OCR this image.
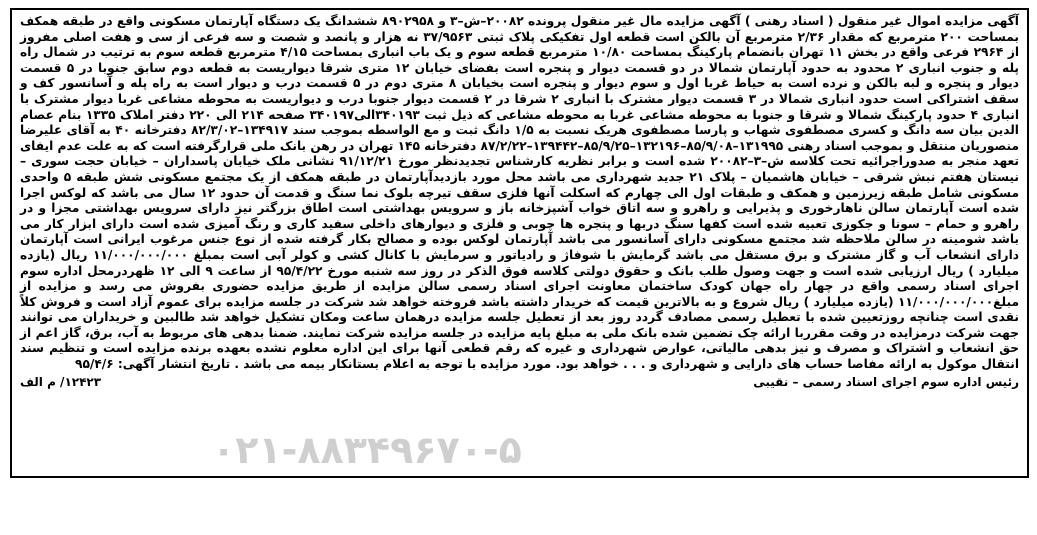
۰۲۱-۸۸۳۴۹۶۷۰-۵

آگهی مزایده اموال غیر منقول ( اسناد رهنی ) آگهی مزایده مال غیر منقول پرونده ۲۰۰۸۲–ش–۳ و ۸۹۰۲۹۵۸ ششدانگ یک دستگاه آپارتمان مسکونی واقع در طبقه همکف بمساحت ۲۰۰ مترمربع که مقدار ۲/۳۶ مترمربع آن بالکن است قطعه اول تفکیکی پلاک ثبتی ۳۷/۹۵۶۳ نه هزار و پانصد و شصت و سه فرعی از سی و هفت اصلی مفروز از ۲۹۶۴ فرعی واقع در بخش ۱۱ تهران بانضمام پارکینگ بمساحت ۱۰/۸۰ مترمربع قطعه سوم و یک باب انباری بمساحت ۴/۱۵ مترمربع قطعه سوم به ترتیب در شمال راه پله و جنوب انباری ۲ محدود به حدود آپارتمان شمالا در دو قسمت دیوار و پنجره است بفضای خیابان ۱۲ متری شرقا دیواریست به قطعه دوم سابق جنوبا در ۵ قسمت دیوار و پنجره و لبه بالکن و نرده است به حیاط غربا اول و سوم دیوار و پنجره است بخیابان ۸ متری دوم در ۵ قسمت درب و دیوار است به راه پله و آسانسور کف و سقف اشتراکی است حدود انباری شمالا در ۳ قسمت دیوار مشترک با انباری ۲ شرقا در ۲ قسمت دیوار جنوبا درب و دیواریست به محوطه مشاعی غربا دیوار مشترک با انباری ۴ حدود پارکینگ شمالا و شرقا و جنوبا به محوطه مشاعی غربا به محوطه مشاعی که ذیل ثبت ۳۴۰۱۹۳الی۳۴۰۱۹۷ صفحه ۲۱۴ الی ۲۲۰ دفتر املاک ۱۳۳۵ بنام عصام الدین بیان سه دانگ و کسری مصطفوی شهاب و پارسا مصطفوی هریک نسبت به ۱/۵ دانگ ثبت و مع الواسطه بموجب سند ۱۳۴۹۱۷–۸۲/۳/۰۲ دفترخانه ۴۰ به آقای علیرضا منصوریان منتقل و بموجب اسناد رهنی ۱۳۱۹۹۵–۸۵/۹/۰۸–۱۳۲۱۹۶–۸۵/۹/۲۵–۱۳۹۴۴۲–۸۷/۲/۲۲ دفترخانه ۱۴۵ تهران در رهن بانک ملی قرارگرفته است که به علت عدم ایفای تعهد منجر به صدوراجرائیه تحت کلاسه ش–۳–۲۰۰۸۲ شده است و برابر نظریه کارشناس تجدیدنظر مورخ ۹۱/۱۲/۲۱ نشانی ملک خیابان پاسداران – خیابان حجت سوری – نیستان هفتم نبش شرقی – خیابان هاشمیان – پلاک ۲۱ جدید شهرداری می باشد محل مورد بازدیدآپارتمان در طبقه همکف از یک مجتمع مسکونی شش طبقه ۵ واحدی مسکونی شامل طبقه زیرزمین و همکف و طبقات اول الی چهارم که اسکلت آنها فلزی سقف تیرچه بلوک نما سنگ و قدمت آن حدود ۱۲ سال می باشد که لوکس اجرا شده است آپارتمان سالن ناهارخوری و پذیرایی و راهرو و سه اتاق خواب آشپزخانه باز و سرویس بهداشتی است اطاق بزرگتر نیز دارای سرویس بهداشتی مجزا و در راهرو و حمام – سونا و جکوزی تعبیه شده است کفها سنگ دربها و پنجره ها چوبی و فلزی و دیوارهای داخلی سفید کاری و رنگ آمیزی شده است دارای ابزار کار می باشد شومینه در سالن ملاحظه شد مجتمع مسکونی دارای آسانسور می باشد آپارتمان لوکس بوده و مصالح بکار گرفته شده از نوع جنس مرغوب ایرانی است آپارتمان دارای انشعاب آب و گاز مشترک و برق مستقل می باشد گرمایش با شوفاژ و رادیاتور و سرمایش با کانال کشی و کولر آبی است بمبلغ ۱۱/۰۰۰/۰۰۰/۰۰۰ ریال (یازده میلیارد ) ریال ارزیابی شده است و جهت وصول طلب بانک و حقوق دولتی کلاسه فوق الذکر در روز سه شنبه مورخ ۹۵/۴/۲۲ از ساعت ۹ الی ۱۲ ظهردرمحل اداره سوم اجرای اسناد رسمی واقع در چهار راه جهان کودک ساختمان معاونت اجرای اسناد رسمی سالن مزایده از طریق مزایده حضوری بفروش می رسد و مزایده از مبلغ۱۱/۰۰۰/۰۰۰/۰۰۰ (یازده میلیارد ) ریال شروع و به بالاترین قیمت که خریدار داشته باشد فروخته خواهد شد شرکت در جلسه مزایده برای عموم آزاد است و فروش کلاً نقدی است چنانچه روزتعیین شده با تعطیل رسمی مصادف گردد روز بعد از تعطیل جلسه مزایده درهمان ساعت ومکان تشکیل خواهد شد طالبین و خریداران می توانند جهت شرکت درمزایده در وقت مقرربا ارائه چک تضمین شده بانک ملی به مبلغ پایه مزایده در جلسه مزایده شرکت نمایند. ضمنا بدهی های مربوط به آب، برق، گاز اعم از حق انشعاب و اشتراک و مصرف و نیز بدهی مالیاتی، عوارض شهرداری و غیره که رقم قطعی آنها برای این اداره معلوم نشده بعهده برنده مزایده است و تنظیم سند انتقال موکول به ارائه مفاصا حساب های دارایی و شهرداری و . . . خواهد بود. مورد مزایده با توجه به اعلام بستانکار بیمه می باشد . تاریخ انتشار آگهی: ۹۵/۴/۶

رئیس اداره سوم اجرای اسناد رسمی – نقیبی
۱۲۴۲۳/ م الف
